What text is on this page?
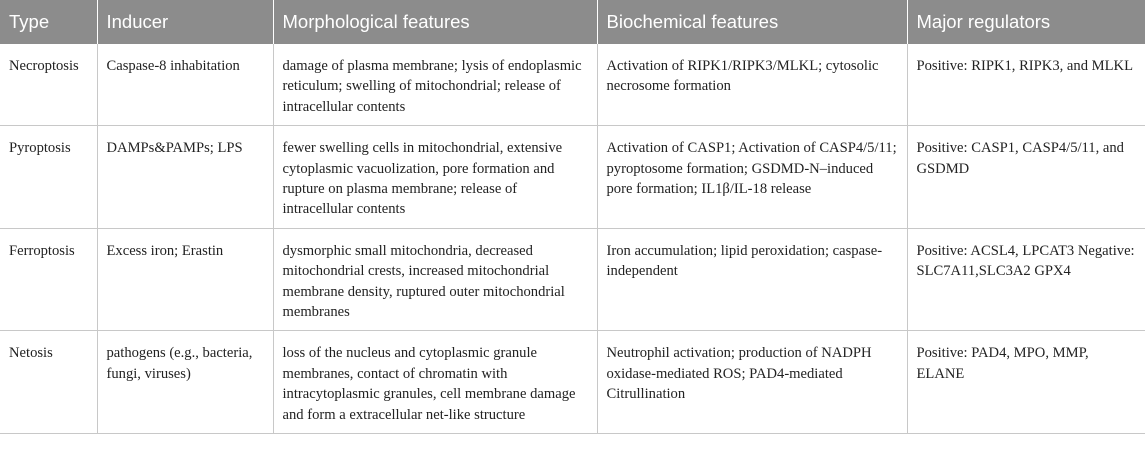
Type	Inducer	Morphological features	Biochemical features	Major regulators
Necroptosis	Caspase-8 inhabitation	damage of plasma membrane; lysis of endoplasmic reticulum; swelling of mitochondrial; release of intracellular contents	Activation of RIPK1/RIPK3/MLKL; cytosolic necrosome formation	Positive: RIPK1, RIPK3, and MLKL
Pyroptosis	DAMPs&PAMPs; LPS	fewer swelling cells in mitochondrial, extensive cytoplasmic vacuolization, pore formation and rupture on plasma membrane; release of intracellular contents	Activation of CASP1; Activation of CASP4/5/11; pyroptosome formation; GSDMD-N–induced pore formation; IL1β/IL-18 release	Positive: CASP1, CASP4/5/11, and GSDMD
Ferroptosis	Excess iron; Erastin	dysmorphic small mitochondria, decreased mitochondrial crests, increased mitochondrial membrane density, ruptured outer mitochondrial membranes	Iron accumulation; lipid peroxidation; caspase-independent	Positive: ACSL4, LPCAT3 Negative: SLC7A11,SLC3A2 GPX4
Netosis	pathogens (e.g., bacteria, fungi, viruses)	loss of the nucleus and cytoplasmic granule membranes, contact of chromatin with intracytoplasmic granules, cell membrane damage and form a extracellular net-like structure	Neutrophil activation; production of NADPH oxidase-mediated ROS; PAD4-mediated Citrullination	Positive: PAD4, MPO, MMP, ELANE
